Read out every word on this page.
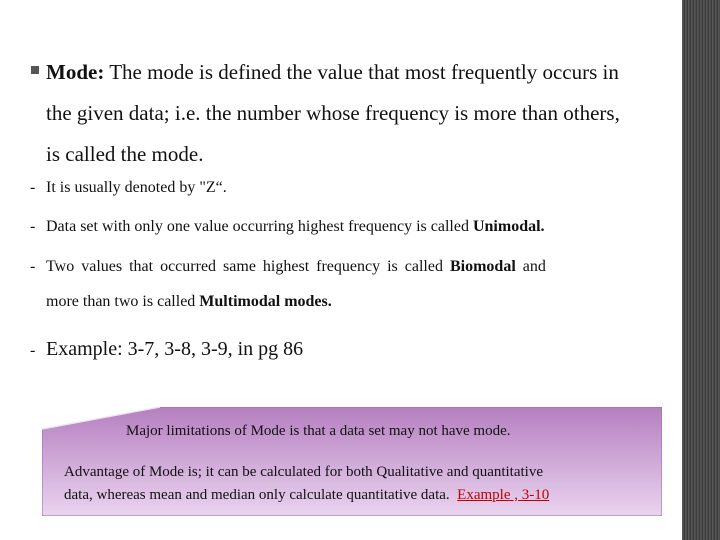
Mode: The mode is defined the value that most frequently occurs in
the given data; i.e. the number whose frequency is more than others,
is called the mode.
- It is usually denoted by "Z“.
- Data set with only one value occurring highest frequency is called Unimodal.
- Two values that occurred same highest frequency is called Biomodal and
more than two is called Multimodal modes.
- Example: 3-7, 3-8, 3-9, in pg 86
Major limitations of Mode is that a data set may not have mode.
Advantage of Mode is; it can be calculated for both Qualitative and quantitative
data, whereas mean and median only calculate quantitative data. Example , 3-10
